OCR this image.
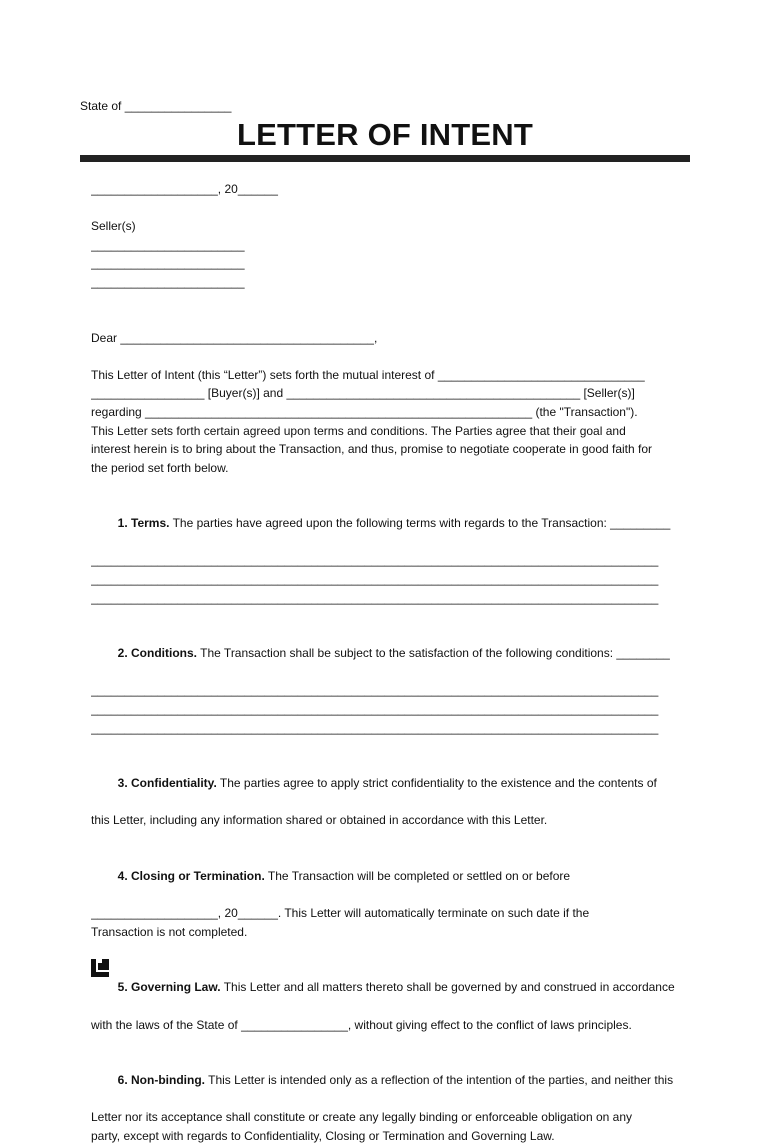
State of ________________
LETTER OF INTENT
___________________, 20______
Seller(s)
_______________________
_______________________
_______________________
Dear ______________________________________,
This Letter of Intent (this “Letter”) sets forth the mutual interest of _______________________________
_________________ [Buyer(s)] and ____________________________________________ [Seller(s)]
regarding __________________________________________________________ (the "Transaction").
This Letter sets forth certain agreed upon terms and conditions. The Parties agree that their goal and
interest herein is to bring about the Transaction, and thus, promise to negotiate cooperate in good faith for
the period set forth below.

1. Terms. The parties have agreed upon the following terms with regards to the Transaction: _________

_____________________________________________________________________________________
_____________________________________________________________________________________
_____________________________________________________________________________________

2. Conditions. The Transaction shall be subject to the satisfaction of the following conditions: ________

_____________________________________________________________________________________
_____________________________________________________________________________________
_____________________________________________________________________________________

3. Confidentiality. The parties agree to apply strict confidentiality to the existence and the contents of

this Letter, including any information shared or obtained in accordance with this Letter.

4. Closing or Termination. The Transaction will be completed or settled on or before

___________________, 20______. This Letter will automatically terminate on such date if the
Transaction is not completed.

5. Governing Law. This Letter and all matters thereto shall be governed by and construed in accordance

with the laws of the State of ________________, without giving effect to the conflict of laws principles.

6. Non-binding. This Letter is intended only as a reflection of the intention of the parties, and neither this

Letter nor its acceptance shall constitute or create any legally binding or enforceable obligation on any
party, except with regards to Confidentiality, Closing or Termination and Governing Law.
